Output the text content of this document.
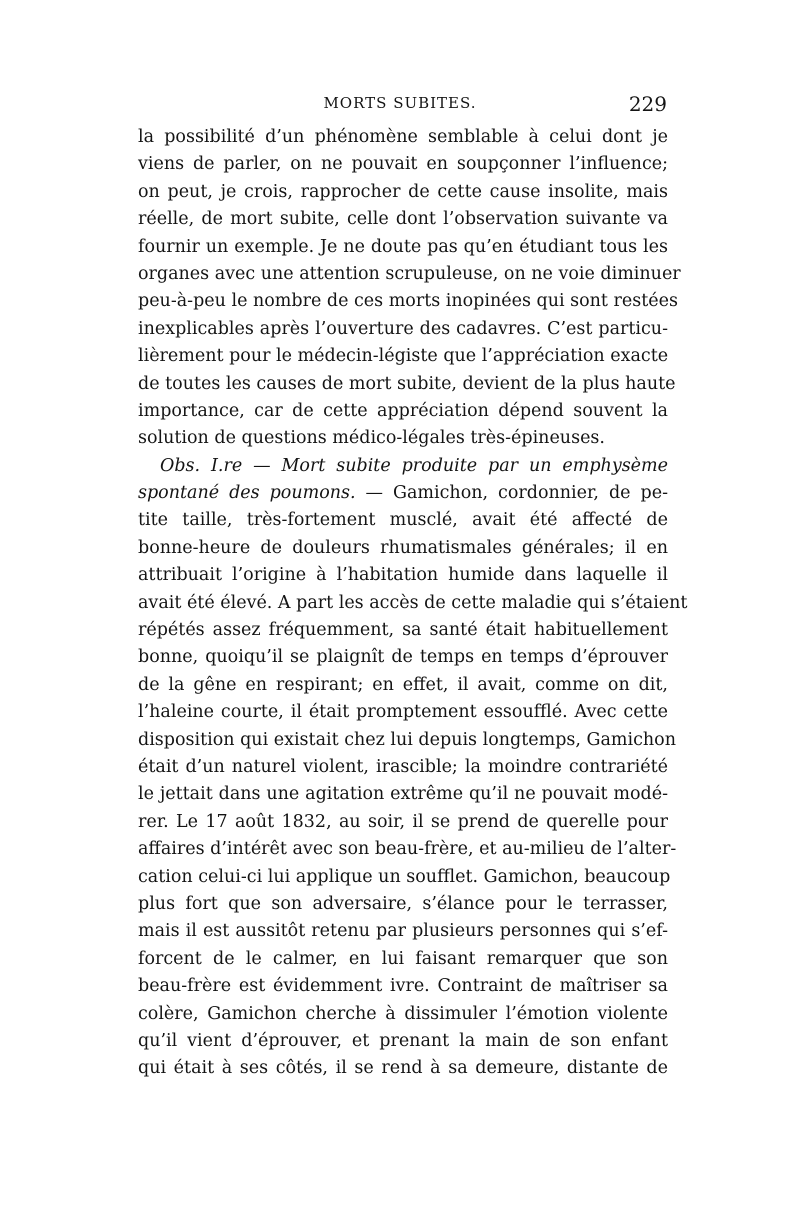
MORTS SUBITES.	229
la possibilité d’un phénomène semblable à celui dont je
viens de parler, on ne pouvait en soupçonner l’influence;
on peut, je crois, rapprocher de cette cause insolite, mais
réelle, de mort subite, celle dont l’observation suivante va
fournir un exemple. Je ne doute pas qu’en étudiant tous les
organes avec une attention scrupuleuse, on ne voie diminuer
peu-à-peu le nombre de ces morts inopinées qui sont restées
inexplicables après l’ouverture des cadavres. C’est particu-
lièrement pour le médecin-légiste que l’appréciation exacte
de toutes les causes de mort subite, devient de la plus haute
importance, car de cette appréciation dépend souvent la
solution de questions médico-légales très-épineuses.
Obs. I.re — Mort subite produite par un emphysème
spontané des poumons. — Gamichon, cordonnier, de pe-
tite taille, très-fortement musclé, avait été affecté de
bonne-heure de douleurs rhumatismales générales; il en
attribuait l’origine à l’habitation humide dans laquelle il
avait été élevé. A part les accès de cette maladie qui s’étaient
répétés assez fréquemment, sa santé était habituellement
bonne, quoiqu’il se plaignît de temps en temps d’éprouver
de la gêne en respirant; en effet, il avait, comme on dit,
l’haleine courte, il était promptement essoufflé. Avec cette
disposition qui existait chez lui depuis longtemps, Gamichon
était d’un naturel violent, irascible; la moindre contrariété
le jettait dans une agitation extrême qu’il ne pouvait modé-
rer. Le 17 août 1832, au soir, il se prend de querelle pour
affaires d’intérêt avec son beau-frère, et au-milieu de l’alter-
cation celui-ci lui applique un soufflet. Gamichon, beaucoup
plus fort que son adversaire, s’élance pour le terrasser,
mais il est aussitôt retenu par plusieurs personnes qui s’ef-
forcent de le calmer, en lui faisant remarquer que son
beau-frère est évidemment ivre. Contraint de maîtriser sa
colère, Gamichon cherche à dissimuler l’émotion violente
qu’il vient d’éprouver, et prenant la main de son enfant
qui était à ses côtés, il se rend à sa demeure, distante de
